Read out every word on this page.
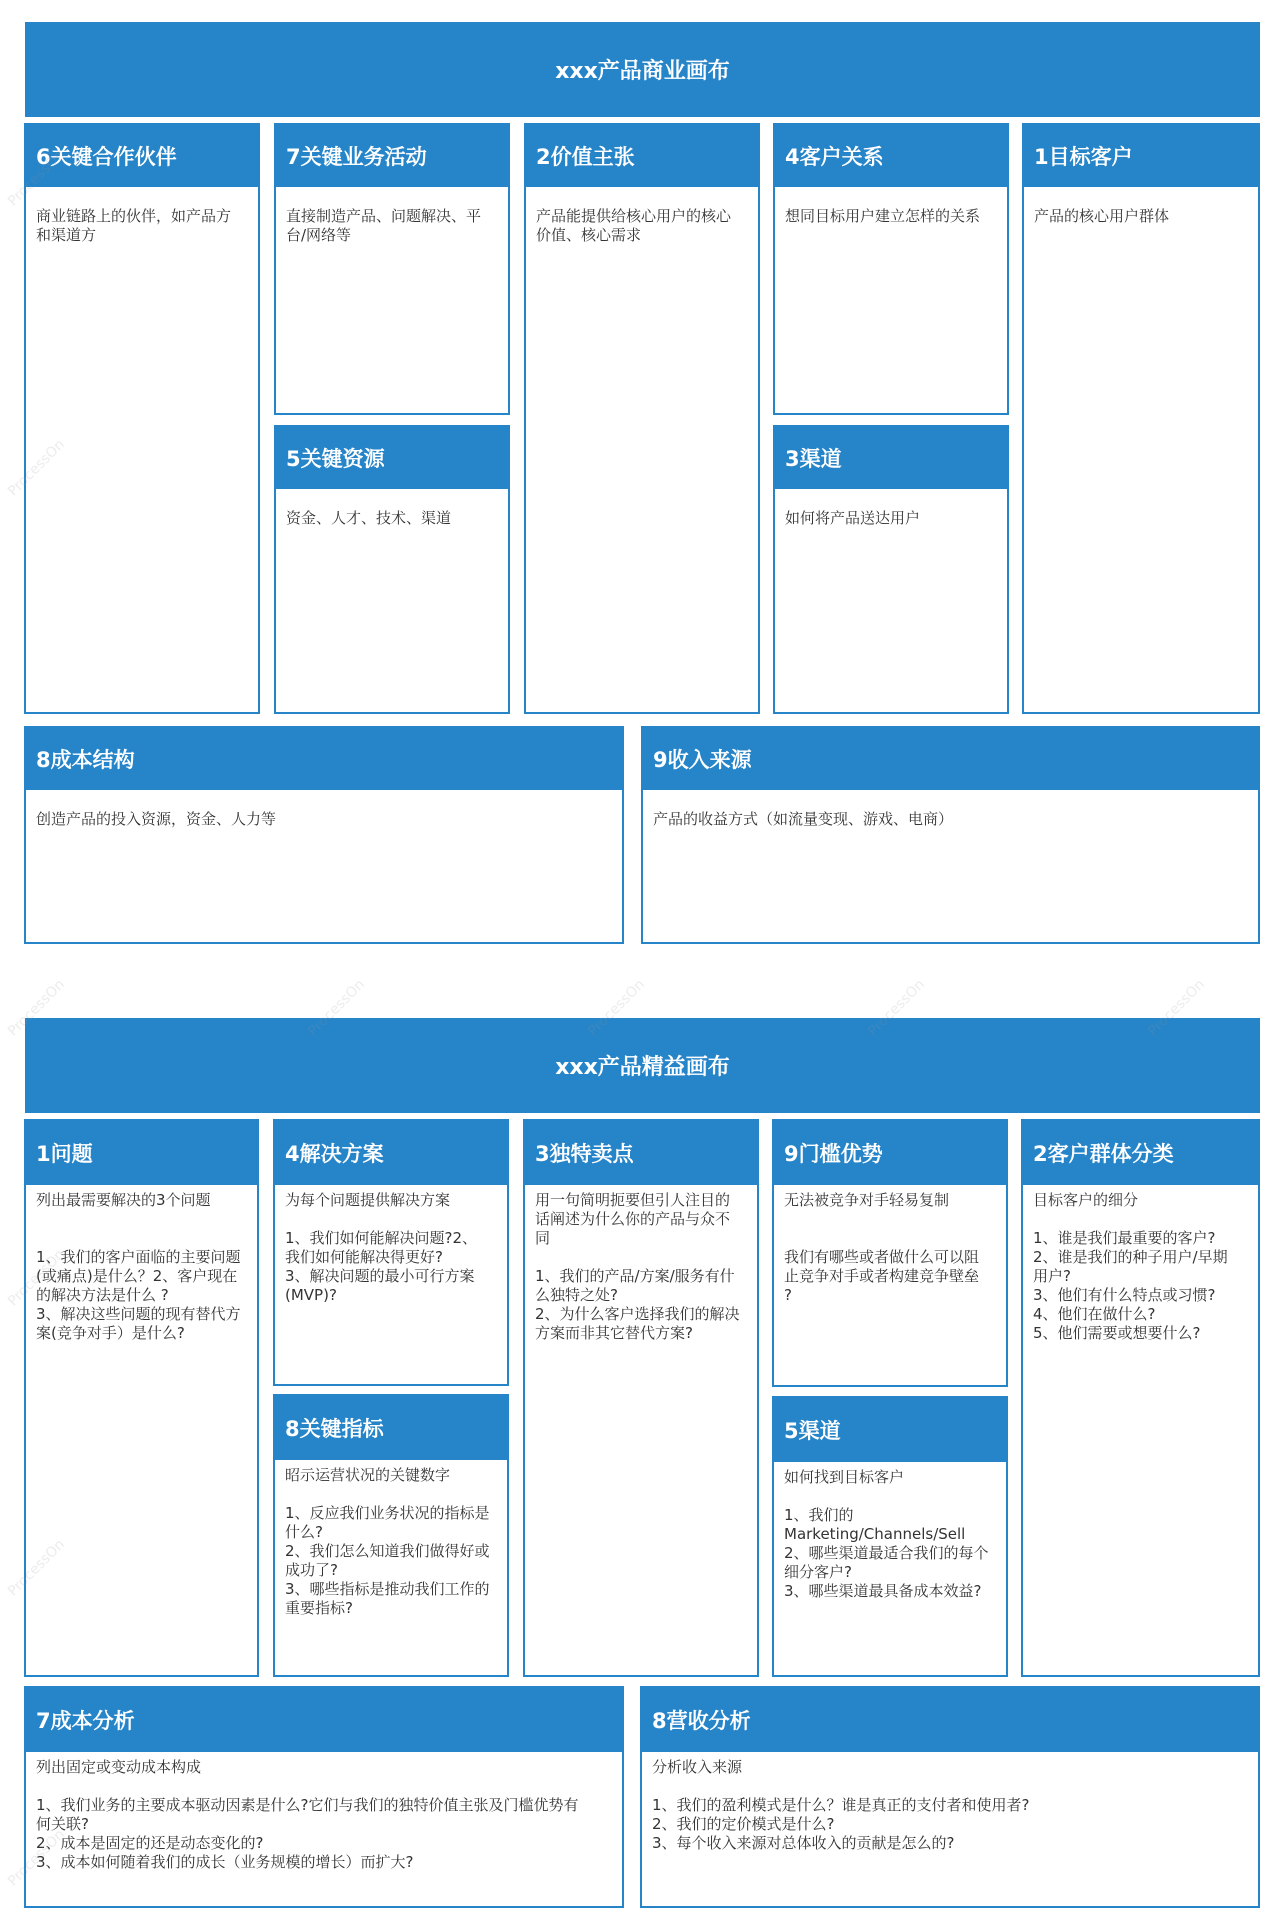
xxx产品商业画布
6关键合作伙伴
商业链路上的伙伴，如产品方
和渠道方
7关键业务活动
直接制造产品、问题解决、平
台/网络等
5关键资源
资金、人才、技术、渠道
2价值主张
产品能提供给核心用户的核心
价值、核心需求
4客户关系
想同目标用户建立怎样的关系
3渠道
如何将产品送达用户
1目标客户
产品的核心用户群体
8成本结构
创造产品的投入资源，资金、人力等
9收入来源
产品的收益方式（如流量变现、游戏、电商）
xxx产品精益画布
1问题
列出最需要解决的3个问题

1、我们的客户面临的主要问题
(或痛点)是什么？2、客户现在
的解决方法是什么 ?
3、解决这些问题的现有替代方
案(竞争对手）是什么?
4解决方案
为每个问题提供解决方案

1、我们如何能解决问题?2、
我们如何能解决得更好?
3、解决问题的最小可行方案
(MVP)?
8关键指标
昭示运营状况的关键数字

1、反应我们业务状况的指标是
什么?
2、我们怎么知道我们做得好或
成功了?
3、哪些指标是推动我们工作的
重要指标?
3独特卖点
用一句简明扼要但引人注目的
话阐述为什么你的产品与众不
同

1、我们的产品/方案/服务有什
么独特之处?
2、为什么客户选择我们的解决
方案而非其它替代方案?
9门槛优势
无法被竞争对手轻易复制

我们有哪些或者做什么可以阻
止竞争对手或者构建竞争壁垒
?
5渠道
如何找到目标客户

1、我们的
Marketing/Channels/Sell
2、哪些渠道最适合我们的每个
细分客户?
3、哪些渠道最具备成本效益?
2客户群体分类
目标客户的细分

1、谁是我们最重要的客户?
2、谁是我们的种子用户/早期
用户?
3、他们有什么特点或习惯?
4、他们在做什么?
5、他们需要或想要什么?
7成本分析
列出固定或变动成本构成

1、我们业务的主要成本驱动因素是什么?它们与我们的独特价值主张及门槛优势有
何关联?
2、成本是固定的还是动态变化的?
3、成本如何随着我们的成长（业务规模的增长）而扩大?
8营收分析
分析收入来源

1、我们的盈利模式是什么？谁是真正的支付者和使用者?
2、我们的定价模式是什么?
3、每个收入来源对总体收入的贡献是怎么的?
ProcessOn	ProcessOn	ProcessOn	ProcessOn	ProcessOn
